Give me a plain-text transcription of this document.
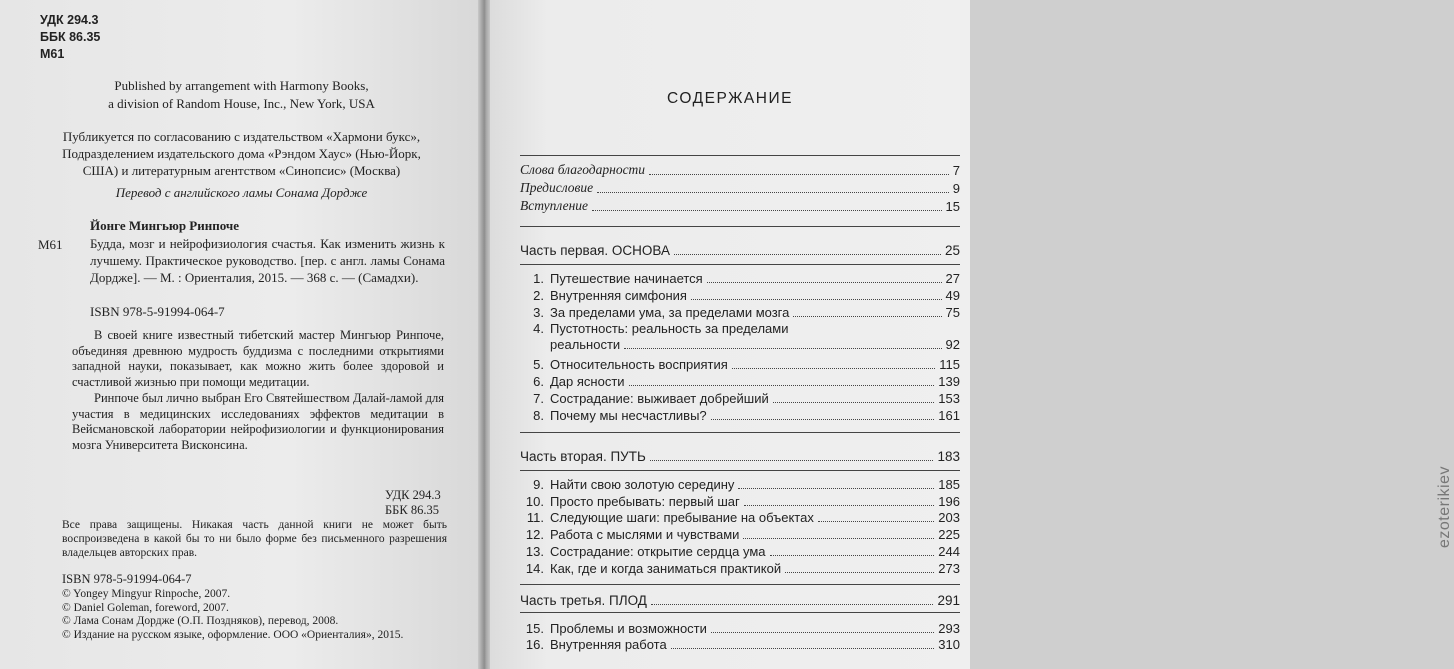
УДК 294.3
ББК 86.35
М61
Published by arrangement with Harmony Books,
a division of Random House, Inc., New York, USA
Публикуется по согласованию с издательством «Хармони букс»,
Подразделением издательского дома «Рэндом Хаус» (Нью-Йорк,
США) и литературным агентством «Синопсис» (Москва)
Перевод с английского ламы Сонама Дордже
Йонге Мингьюр Ринпоче
М61 Будда, мозг и нейрофизиология счастья. Как изменить жизнь к лучшему. Практическое руководство. [пер. с англ. ламы Сонама Дордже]. — М. : Ориенталия, 2015. — 368 с. — (Самадхи).
ISBN 978-5-91994-064-7

В своей книге известный тибетский мастер Мингьюр Ринпоче, объединяя древнюю мудрость буддизма с последними открытиями западной науки, показывает, как можно жить более здоровой и счастливой жизнью при помощи медитации.

Ринпоче был лично выбран Его Святейшеством Далай-ламой для участия в медицинских исследованиях эффектов медитации в Вейсмановской лаборатории нейрофизиологии и функционирования мозга Университета Висконсина.

УДК 294.3
ББК 86.35
Все права защищены. Никакая часть данной книги не может быть воспроизведена в какой бы то ни было форме без письменного разрешения владельцев авторских прав.
ISBN 978-5-91994-064-7
© Yongey Mingyur Rinpoche, 2007.
© Daniel Goleman, foreword, 2007.
© Лама Сонам Дордже (О.П. Поздняков), перевод, 2008.
© Издание на русском языке, оформление. ООО «Ориенталия», 2015.
СОДЕРЖАНИЕ
Слова благодарности	7
Предисловие	9
Вступление	15
Часть первая. ОСНОВА	25
1. Путешествие начинается	27
2. Внутренняя симфония	49
3. За пределами ума, за пределами мозга	75
4. Пустотность: реальность за пределами
реальности	92
5. Относительность восприятия	115
6. Дар ясности	139
7. Сострадание: выживает добрейший	153
8. Почему мы несчастливы?	161
Часть вторая. ПУТЬ	183
9. Найти свою золотую середину	185
10. Просто пребывать: первый шаг	196
11. Следующие шаги: пребывание на объектах	203
12. Работа с мыслями и чувствами	225
13. Сострадание: открытие сердца ума	244
14. Как, где и когда заниматься практикой	273
Часть третья. ПЛОД	291
15. Проблемы и возможности	293
16. Внутренняя работа	310
ezoterikiev
